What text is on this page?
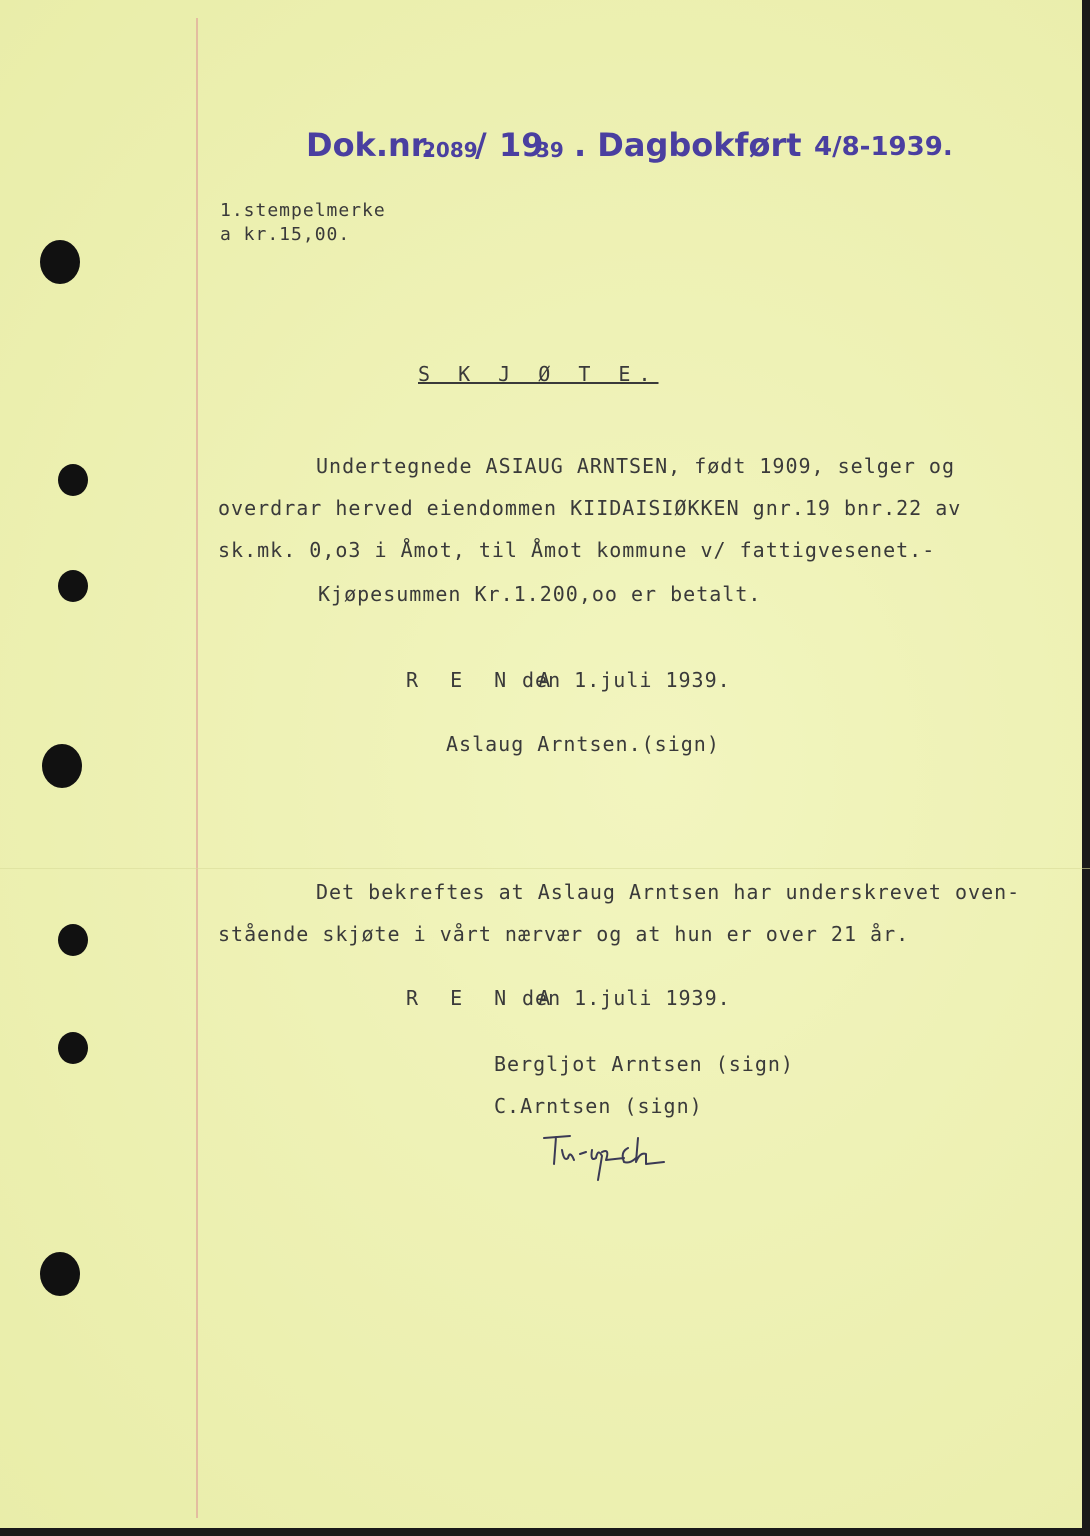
Dok.nr.
2089
/ 19
39 . Dagbokført 4/8-1939.
1.stempelmerke
a kr.15,00.
S K J Ø T E.
Undertegnede ASIAUG ARNTSEN, født 1909, selger og
overdrar herved eiendommen KIIDAISIØKKEN gnr.19 bnr.22 av
sk.mk. 0,o3 i Åmot, til Åmot kommune v/ fattigvesenet.-
Kjøpesummen Kr.1.200,oo er betalt.
R E N A
den 1.juli 1939.
Aslaug Arntsen.(sign)
Det bekreftes at Aslaug Arntsen har underskrevet oven-
stående skjøte i vårt nærvær og at hun er over 21 år.
R E N A
den 1.juli 1939.
Bergljot Arntsen (sign)
C.Arntsen (sign)
